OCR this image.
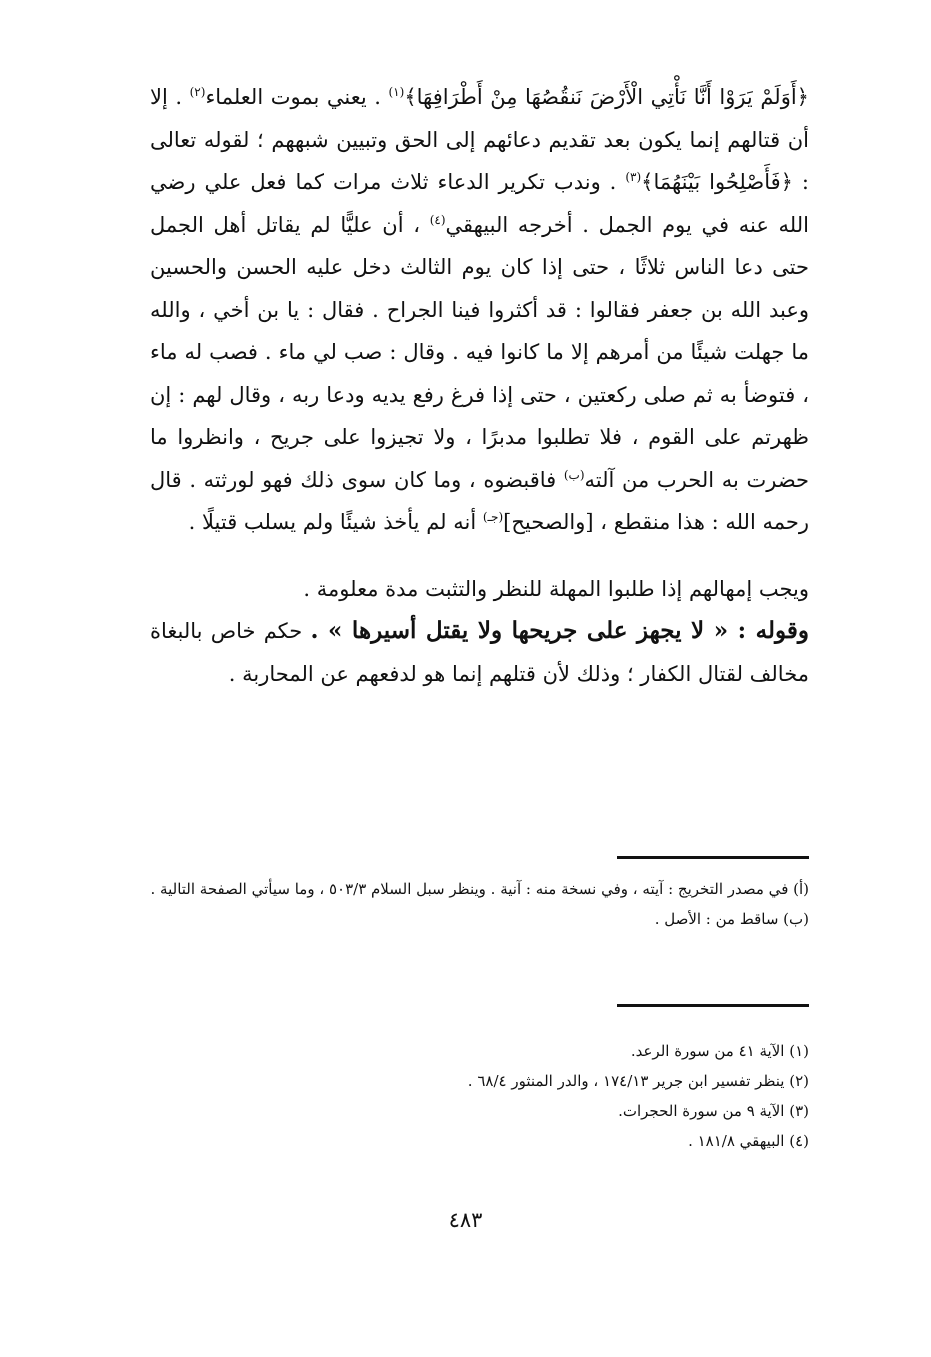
﴿أَوَلَمْ يَرَوْا أَنَّا نَأْتِي الْأَرْضَ نَنقُصُهَا مِنْ أَطْرَافِهَا﴾$^{(١)}$ . يعني بموت العلماء$^{(٢)}$ . إلا أن قتالهم إنما يكون بعد تقديم دعائهم إلى الحق وتبيين شبههم ؛ لقوله تعالى : ﴿فَأَصْلِحُوا بَيْنَهُمَا﴾$^{(٣)}$ . وندب تكرير الدعاء ثلاث مرات كما فعل علي رضي الله عنه في يوم الجمل . أخرجه البيهقي$^{(٤)}$ ، أن عليًّا لم يقاتل أهل الجمل حتى دعا الناس ثلاثًا ، حتى إذا كان يوم الثالث دخل عليه الحسن والحسين وعبد الله بن جعفر فقالوا : قد أكثروا فينا الجراح . فقال : يا بن أخي ، والله ما جهلت شيئًا من أمرهم إلا ما كانوا فيه . وقال : صب لي ماء . فصب له ماء ، فتوضأ به ثم صلى ركعتين ، حتى إذا فرغ رفع يديه ودعا ربه ، وقال لهم : إن ظهرتم على القوم ، فلا تطلبوا مدبرًا ، ولا تجيزوا على جريح ، وانظروا ما حضرت به الحرب من آلته$^{(ب)}$ فاقبضوه ، وما كان سوى ذلك فهو لورثته . قال رحمه الله : هذا منقطع ، [والصحيح]$^{(جـ)}$ أنه لم يأخذ شيئًا ولم يسلب قتيلًا .

ويجب إمهالهم إذا طلبوا المهلة للنظر والتثبت مدة معلومة .

وقوله : « لا يجهز على جريحها ولا يقتل أسيرها » . حكم خاص بالبغاة مخالف لقتال الكفار ؛ وذلك لأن قتلهم إنما هو لدفعهم عن المحاربة .

(أ) في مصدر التخريج : آيته ، وفي نسخة منه : آنية . وينظر سبل السلام ٥٠٣/٣ ، وما سيأتي الصفحة التالية .

(ب) ساقط من : الأصل .

(١) الآية ٤١ من سورة الرعد.

(٢) ينظر تفسير ابن جرير ١٧٤/١٣ ، والدر المنثور ٦٨/٤ .

(٣) الآية ٩ من سورة الحجرات.

(٤) البيهقي ١٨١/٨ .

٤٨٣
